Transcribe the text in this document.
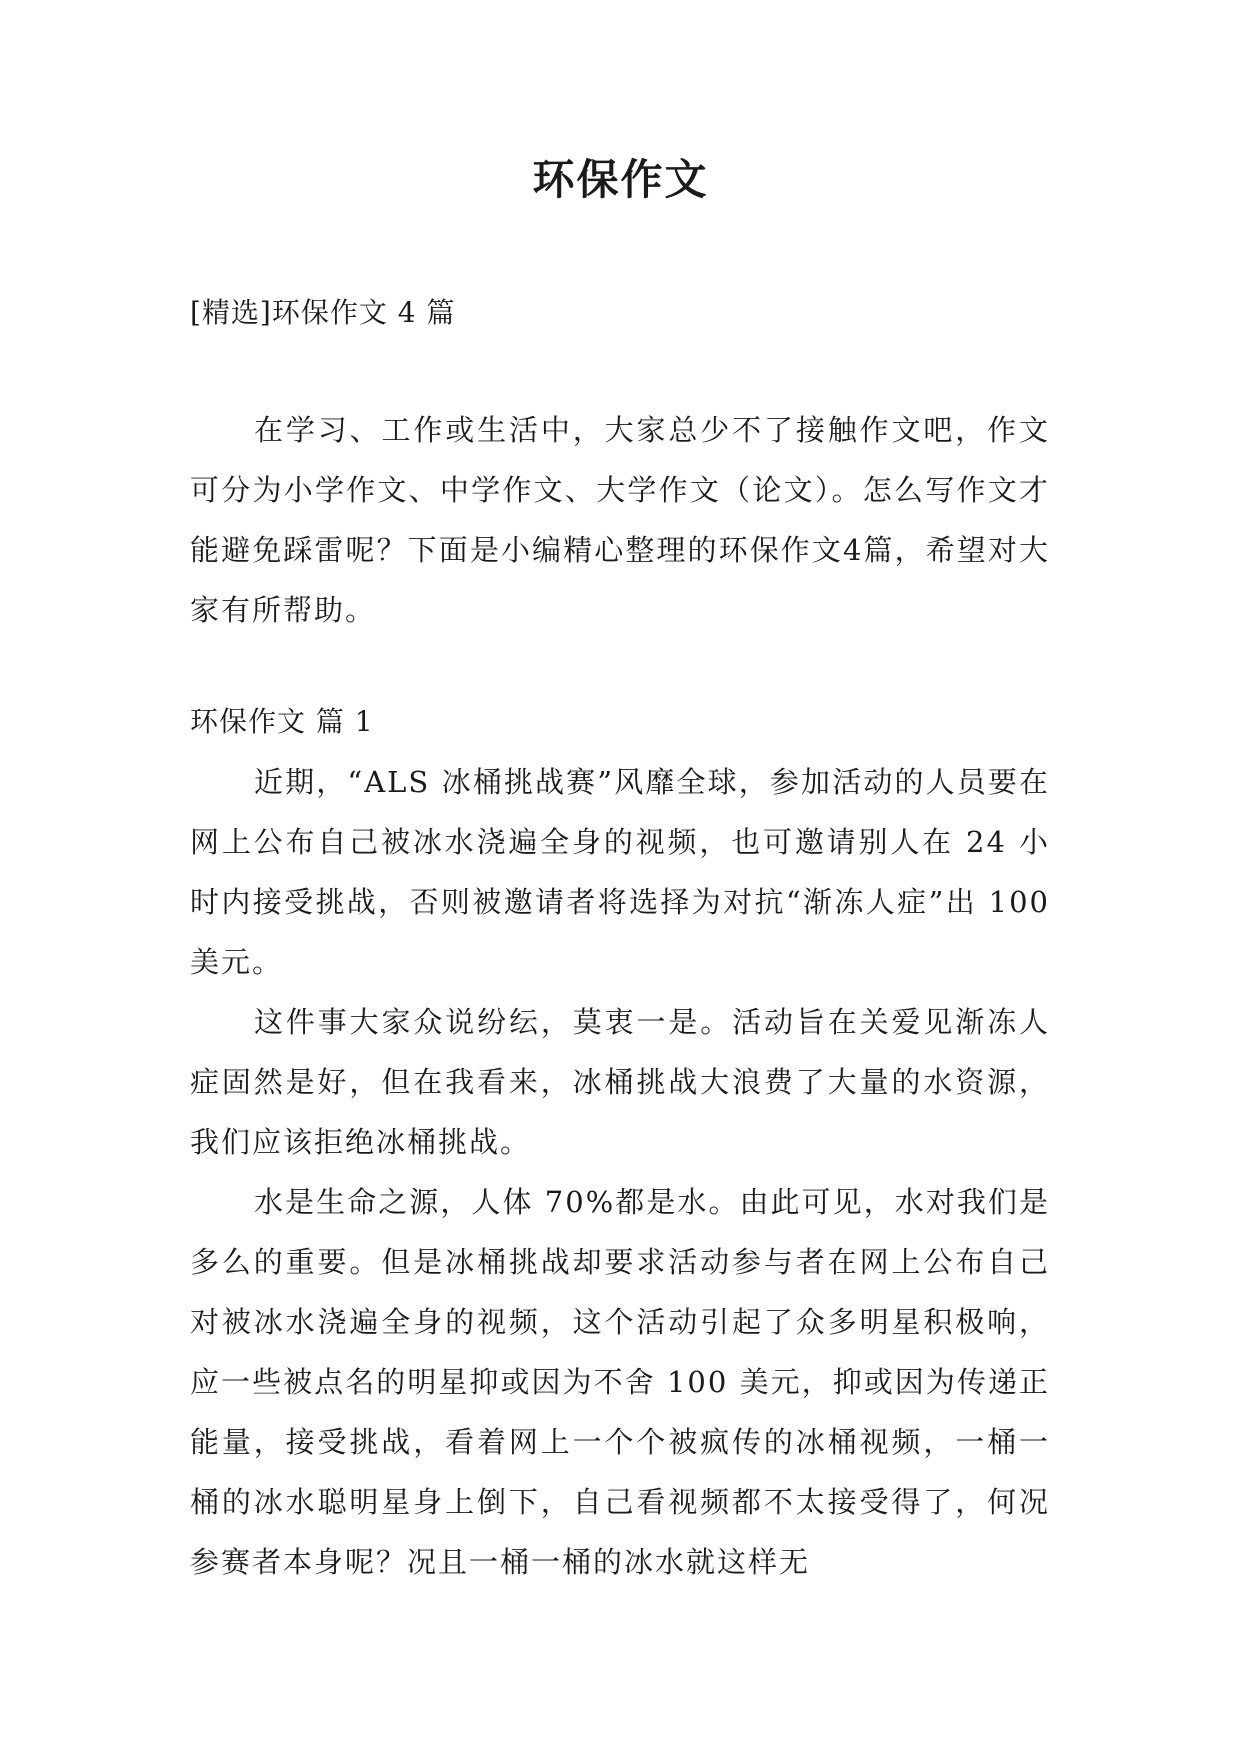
环保作文

[精选]环保作文 4 篇

在学习、工作或生活中，大家总少不了接触作文吧，作文可分为小学作文、中学作文、大学作文（论文）。怎么写作文才能避免踩雷呢？下面是小编精心整理的环保作文4篇，希望对大家有所帮助。

环保作文 篇 1

近期，“ALS 冰桶挑战赛”风靡全球，参加活动的人员要在网上公布自己被冰水浇遍全身的视频，也可邀请别人在 24 小时内接受挑战，否则被邀请者将选择为对抗“渐冻人症”出 100 美元。

这件事大家众说纷纭，莫衷一是。活动旨在关爱见渐冻人症固然是好，但在我看来，冰桶挑战大浪费了大量的水资源，我们应该拒绝冰桶挑战。

水是生命之源，人体 70%都是水。由此可见，水对我们是多么的重要。但是冰桶挑战却要求活动参与者在网上公布自己对被冰水浇遍全身的视频，这个活动引起了众多明星积极响，应一些被点名的明星抑或因为不舍 100 美元，抑或因为传递正能量，接受挑战，看着网上一个个被疯传的冰桶视频，一桶一桶的冰水聪明星身上倒下，自己看视频都不太接受得了，何况参赛者本身呢？况且一桶一桶的冰水就这样无
